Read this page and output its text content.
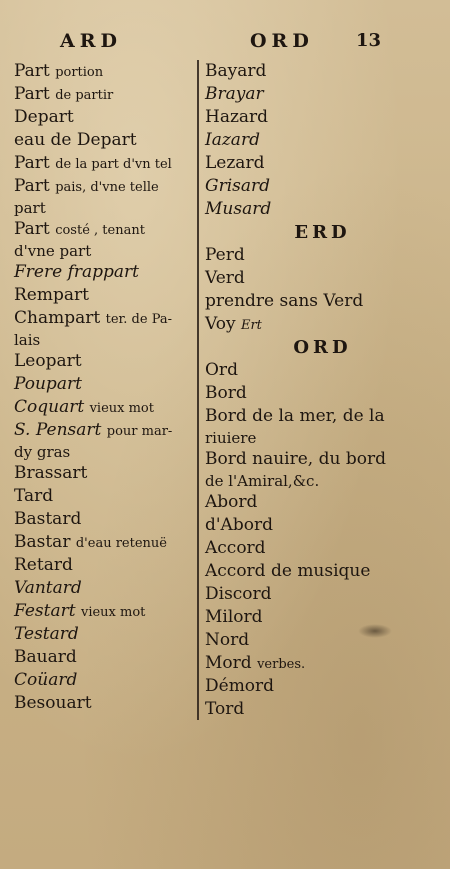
ARD	ORD 13
Part portion
Part de partir
Depart
eau de Depart
Part de la part d'vn tel
Part pais, d'vne telle
part
Part costé , tenant
d'vne part
Frere frappart
Rempart
Champart ter. de Pa-
lais
Leopart
Poupart
Coquart vieux mot
S. Pensart pour mar-
dy gras
Brassart
Tard
Bastard
Bastar d'eau retenuë
Retard
Vantard
Festart vieux mot
Testard
Bauard
Coüard
Besouart
Bayard
Brayar
Hazard
Iazard
Lezard
Grisard
Musard
ERD
Perd
Verd
prendre sans Verd
Voy Ert
ORD
Ord
Bord
Bord de la mer, de la
riuiere
Bord nauire, du bord
de l'Amiral,&c.
Abord
d'Abord
Accord
Accord de musique
Discord
Milord
Nord
Mord verbes.
Démord
Tord
